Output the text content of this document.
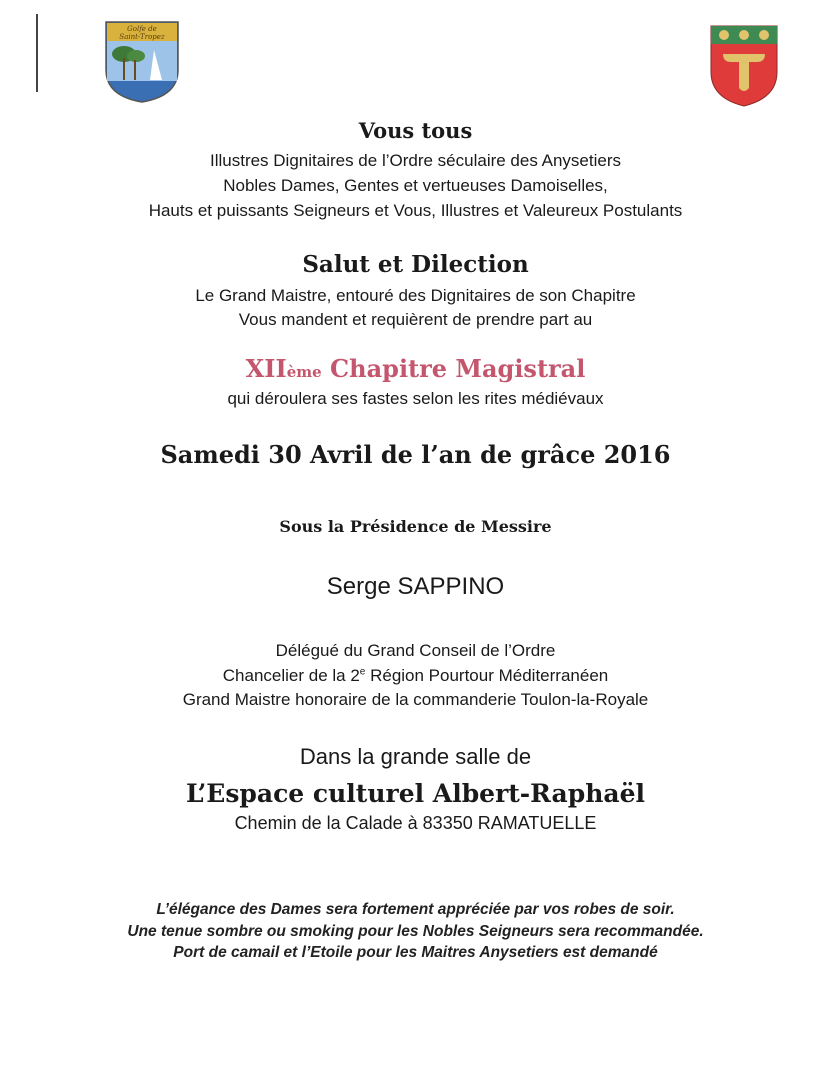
Golfe de
Saint-Tropez
Vous tous
Illustres Dignitaires de l’Ordre séculaire des Anysetiers
Nobles Dames, Gentes et vertueuses Damoiselles,
Hauts et puissants Seigneurs et Vous, Illustres et Valeureux Postulants
Salut et Dilection
Le Grand Maistre, entouré des Dignitaires de son Chapitre
Vous mandent et requièrent de prendre part au
XIIème Chapitre Magistral
qui déroulera ses fastes selon les rites médiévaux
Samedi 30 Avril de l’an de grâce 2016
Sous la Présidence de Messire
Serge SAPPINO
Délégué du Grand Conseil de l’Ordre
Chancelier de la 2e Région Pourtour Méditerranéen
Grand Maistre honoraire de la commanderie Toulon-la-Royale
Dans la grande salle de
L’Espace culturel Albert-Raphaël
Chemin de la Calade à 83350 RAMATUELLE
L’élégance des Dames sera fortement appréciée par vos robes de soir.
Une tenue sombre ou smoking pour les Nobles Seigneurs sera recommandée.
Port de camail et l’Etoile pour les Maitres Anysetiers est demandé
